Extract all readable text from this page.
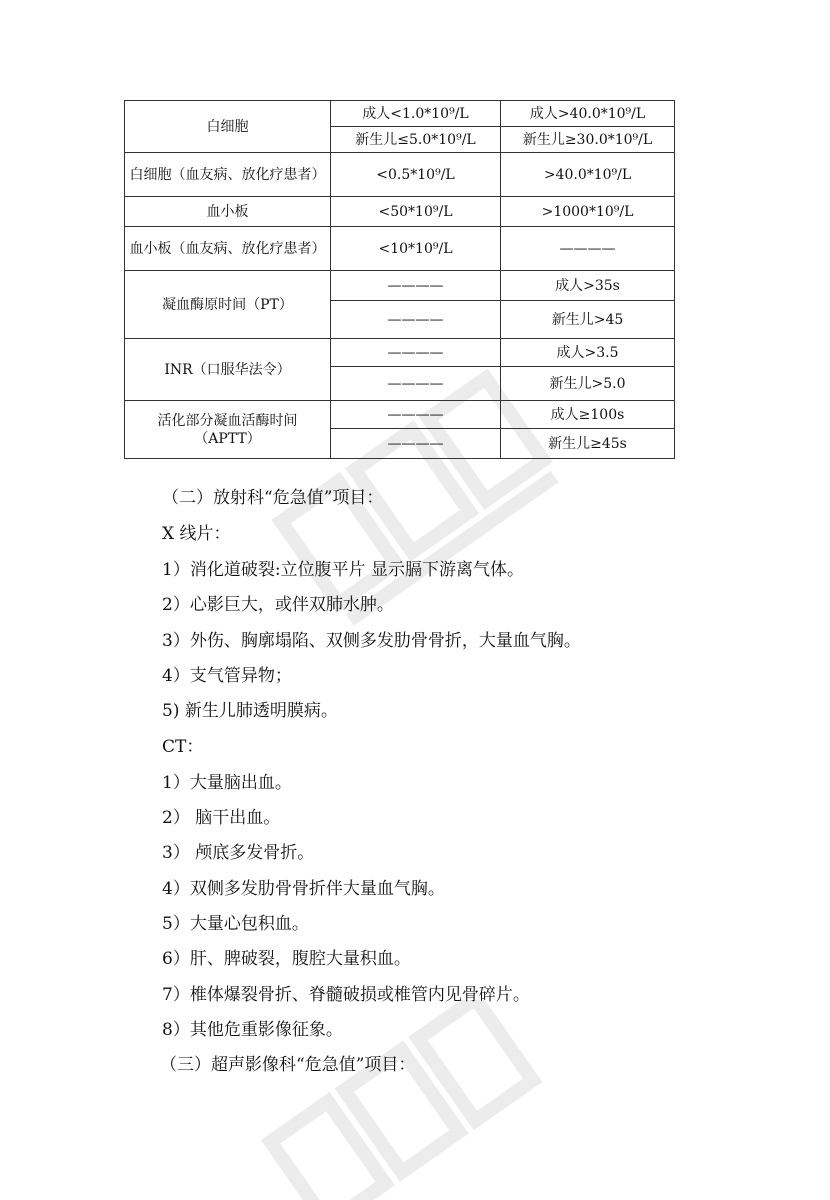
白细胞	成人<1.0*10⁹/L	成人>40.0*10⁹/L
	新生儿≤5.0*10⁹/L	新生儿≥30.0*10⁹/L
白细胞（血友病、放化疗患者）	<0.5*10⁹/L	>40.0*10⁹/L
血小板	<50*10⁹/L	>1000*10⁹/L
血小板（血友病、放化疗患者）	<10*10⁹/L	————
凝血酶原时间（PT）	————	成人>35s
	————	新生儿>45
INR（口服华法令）	————	成人>3.5
	————	新生儿>5.0
活化部分凝血活酶时间（APTT）	————	成人≥100s
	————	新生儿≥45s
（二）放射科“危急值”项目：
X 线片：
1）消化道破裂:立位腹平片 显示膈下游离气体。
2）心影巨大，或伴双肺水肿。
3）外伤、胸廓塌陷、双侧多发肋骨骨折，大量血气胸。
4）支气管异物；
5) 新生儿肺透明膜病。
CT：
1）大量脑出血。
2） 脑干出血。
3） 颅底多发骨折。
4）双侧多发肋骨骨折伴大量血气胸。
5）大量心包积血。
6）肝、脾破裂，腹腔大量积血。
7）椎体爆裂骨折、脊髓破损或椎管内见骨碎片。
8）其他危重影像征象。
（三）超声影像科“危急值”项目：
